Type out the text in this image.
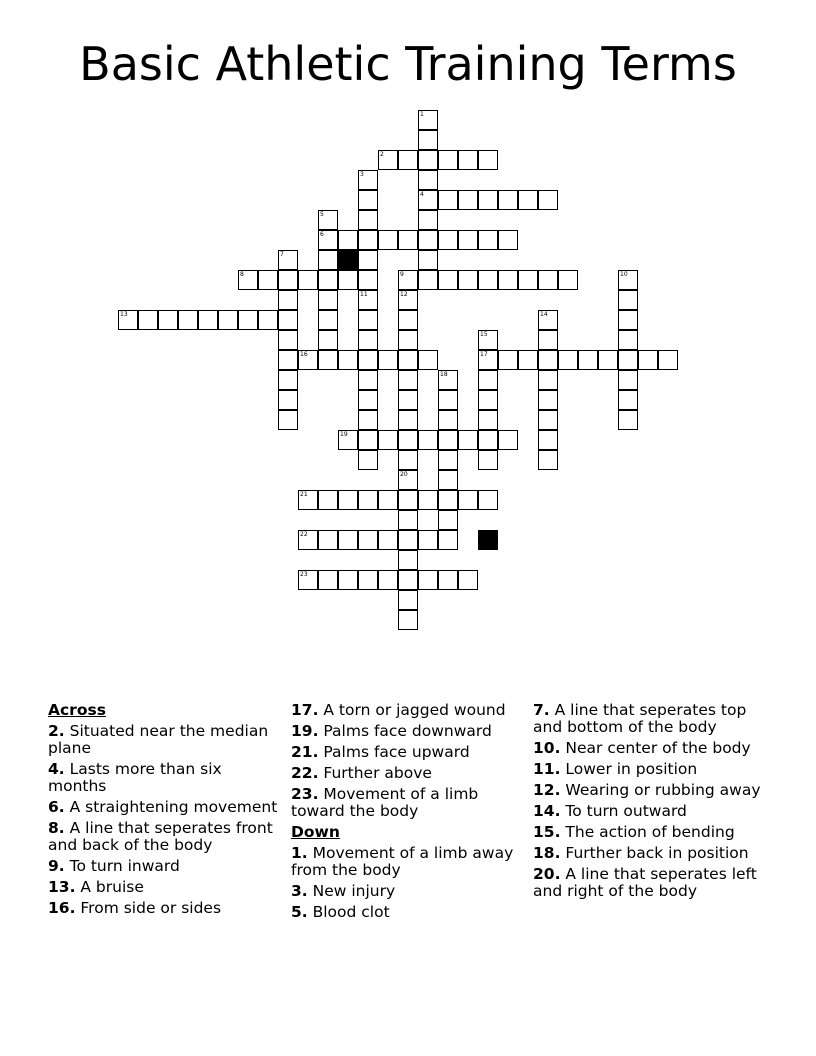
Basic Athletic Training Terms
1
4
2
3
11
5
6
7
8	9	10
12
13	14
15
17
16
18
19
20
21
22
23
Across
2. Situated near the median plane
4. Lasts more than six months
6. A straightening movement
8. A line that seperates front and back of the body
9. To turn inward
13. A bruise
16. From side or sides
17. A torn or jagged wound
19. Palms face downward
21. Palms face upward
22. Further above
23. Movement of a limb toward the body
Down
1. Movement of a limb away from the body
3. New injury
5. Blood clot
7. A line that seperates top and bottom of the body
10. Near center of the body
11. Lower in position
12. Wearing or rubbing away
14. To turn outward
15. The action of bending
18. Further back in position
20. A line that seperates left and right of the body
